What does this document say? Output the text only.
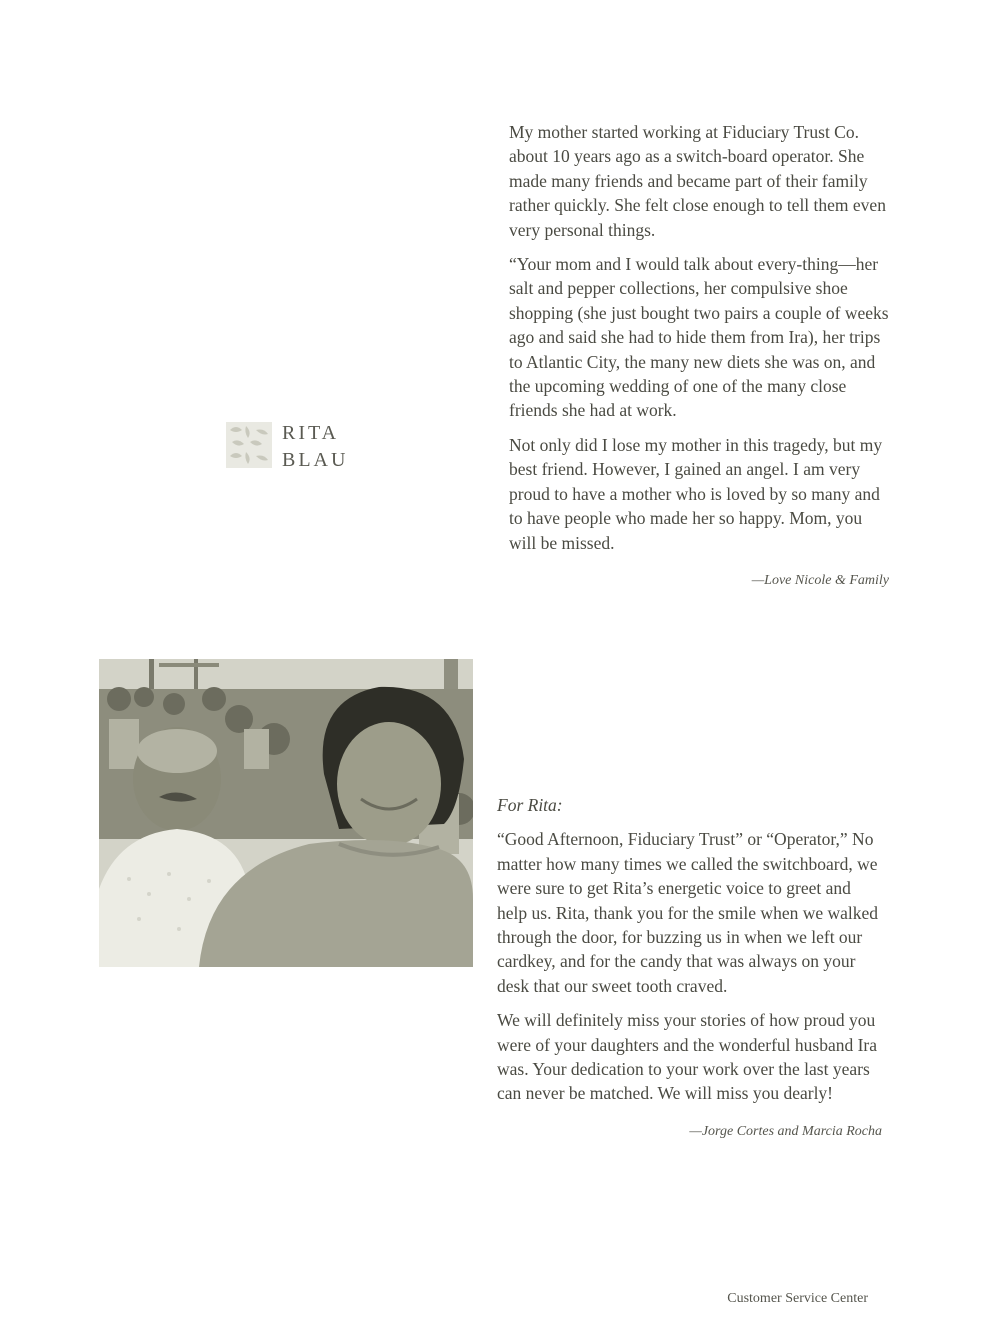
RITA
BLAU

My mother started working at Fiduciary Trust Co. about 10 years ago as a switch-board operator. She made many friends and became part of their family rather quickly. She felt close enough to tell them even very personal things.

“Your mom and I would talk about every-thing—her salt and pepper collections, her compulsive shoe shopping (she just bought two pairs a couple of weeks ago and said she had to hide them from Ira), her trips to Atlantic City, the many new diets she was on, and the upcoming wedding of one of the many close friends she had at work.

Not only did I lose my mother in this tragedy, but my best friend. However, I gained an angel. I am very proud to have a mother who is loved by so many and to have people who made her so happy. Mom, you will be missed.

—Love Nicole & Family
For Rita:

“Good Afternoon, Fiduciary Trust” or “Operator,” No matter how many times we called the switchboard, we were sure to get Rita’s energetic voice to greet and help us. Rita, thank you for the smile when we walked through the door, for buzzing us in when we left our cardkey, and for the candy that was always on your desk that our sweet tooth craved.

We will definitely miss your stories of how proud you were of your daughters and the wonderful husband Ira was. Your dedication to your work over the last years can never be matched. We will miss you dearly!

—Jorge Cortes and Marcia Rocha
Customer Service Center
